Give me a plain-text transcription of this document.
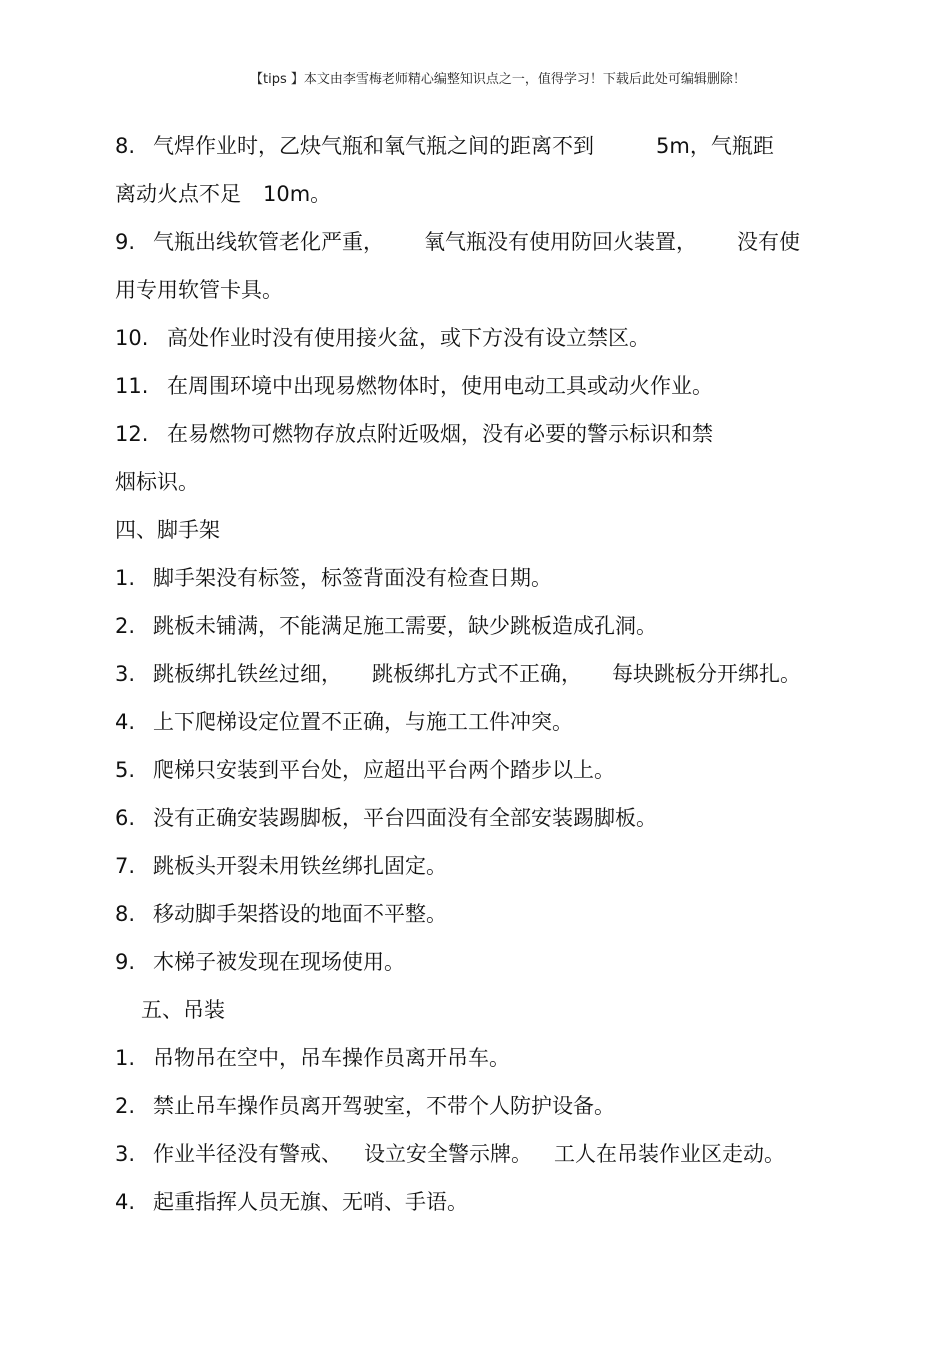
【tips 】本文由李雪梅老师精心编整知识点之一，值得学习！下载后此处可编辑删除！
8. 气焊作业时，乙炔气瓶和氧气瓶之间的距离不到	5m，气瓶距
离动火点不足 10m。
9. 气瓶出线软管老化严重， 氧气瓶没有使用防回火装置， 没有使
用专用软管卡具。
10. 高处作业时没有使用接火盆，或下方没有设立禁区。
11. 在周围环境中出现易燃物体时，使用电动工具或动火作业。
12. 在易燃物可燃物存放点附近吸烟，没有必要的警示标识和禁
烟标识。
四、脚手架
1. 脚手架没有标签，标签背面没有检查日期。
2. 跳板未铺满，不能满足施工需要，缺少跳板造成孔洞。
3. 跳板绑扎铁丝过细， 跳板绑扎方式不正确， 每块跳板分开绑扎。
4. 上下爬梯设定位置不正确，与施工工件冲突。
5. 爬梯只安装到平台处，应超出平台两个踏步以上。
6. 没有正确安装踢脚板，平台四面没有全部安装踢脚板。
7. 跳板头开裂未用铁丝绑扎固定。
8. 移动脚手架搭设的地面不平整。
9. 木梯子被发现在现场使用。
五、吊装
1. 吊物吊在空中，吊车操作员离开吊车。
2. 禁止吊车操作员离开驾驶室，不带个人防护设备。
3. 作业半径没有警戒、 设立安全警示牌。 工人在吊装作业区走动。
4. 起重指挥人员无旗、无哨、手语。
